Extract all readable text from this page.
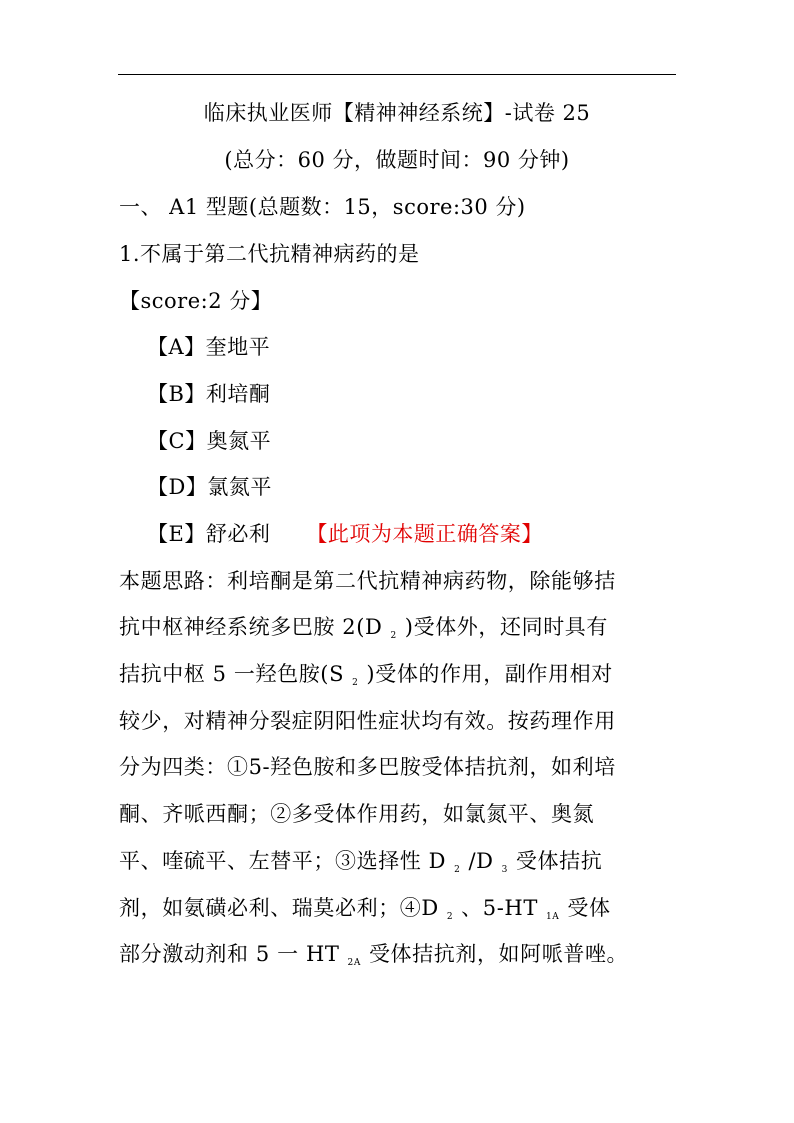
临床执业医师【精神神经系统】-试卷 25
(总分：60 分，做题时间：90 分钟)
一、 A1 型题(总题数：15，score:30 分)
1.不属于第二代抗精神病药的是
【score:2 分】
【A】奎地平
【B】利培酮
【C】奥氮平
【D】氯氮平
【E】舒必利 【此项为本题正确答案】
本题思路：利培酮是第二代抗精神病药物，除能够拮
抗中枢神经系统多巴胺 2(D 2 )受体外，还同时具有
拮抗中枢 5 一羟色胺(S 2 )受体的作用，副作用相对
较少，对精神分裂症阴阳性症状均有效。按药理作用
分为四类：①5-羟色胺和多巴胺受体拮抗剂，如利培
酮、齐哌西酮；②多受体作用药，如氯氮平、奥氮
平、喹硫平、左替平；③选择性 D 2 /D 3 受体拮抗
剂，如氨磺必利、瑞莫必利；④D 2 、5-HT 1A 受体
部分激动剂和 5 一 HT 2A 受体拮抗剂，如阿哌普唑。
